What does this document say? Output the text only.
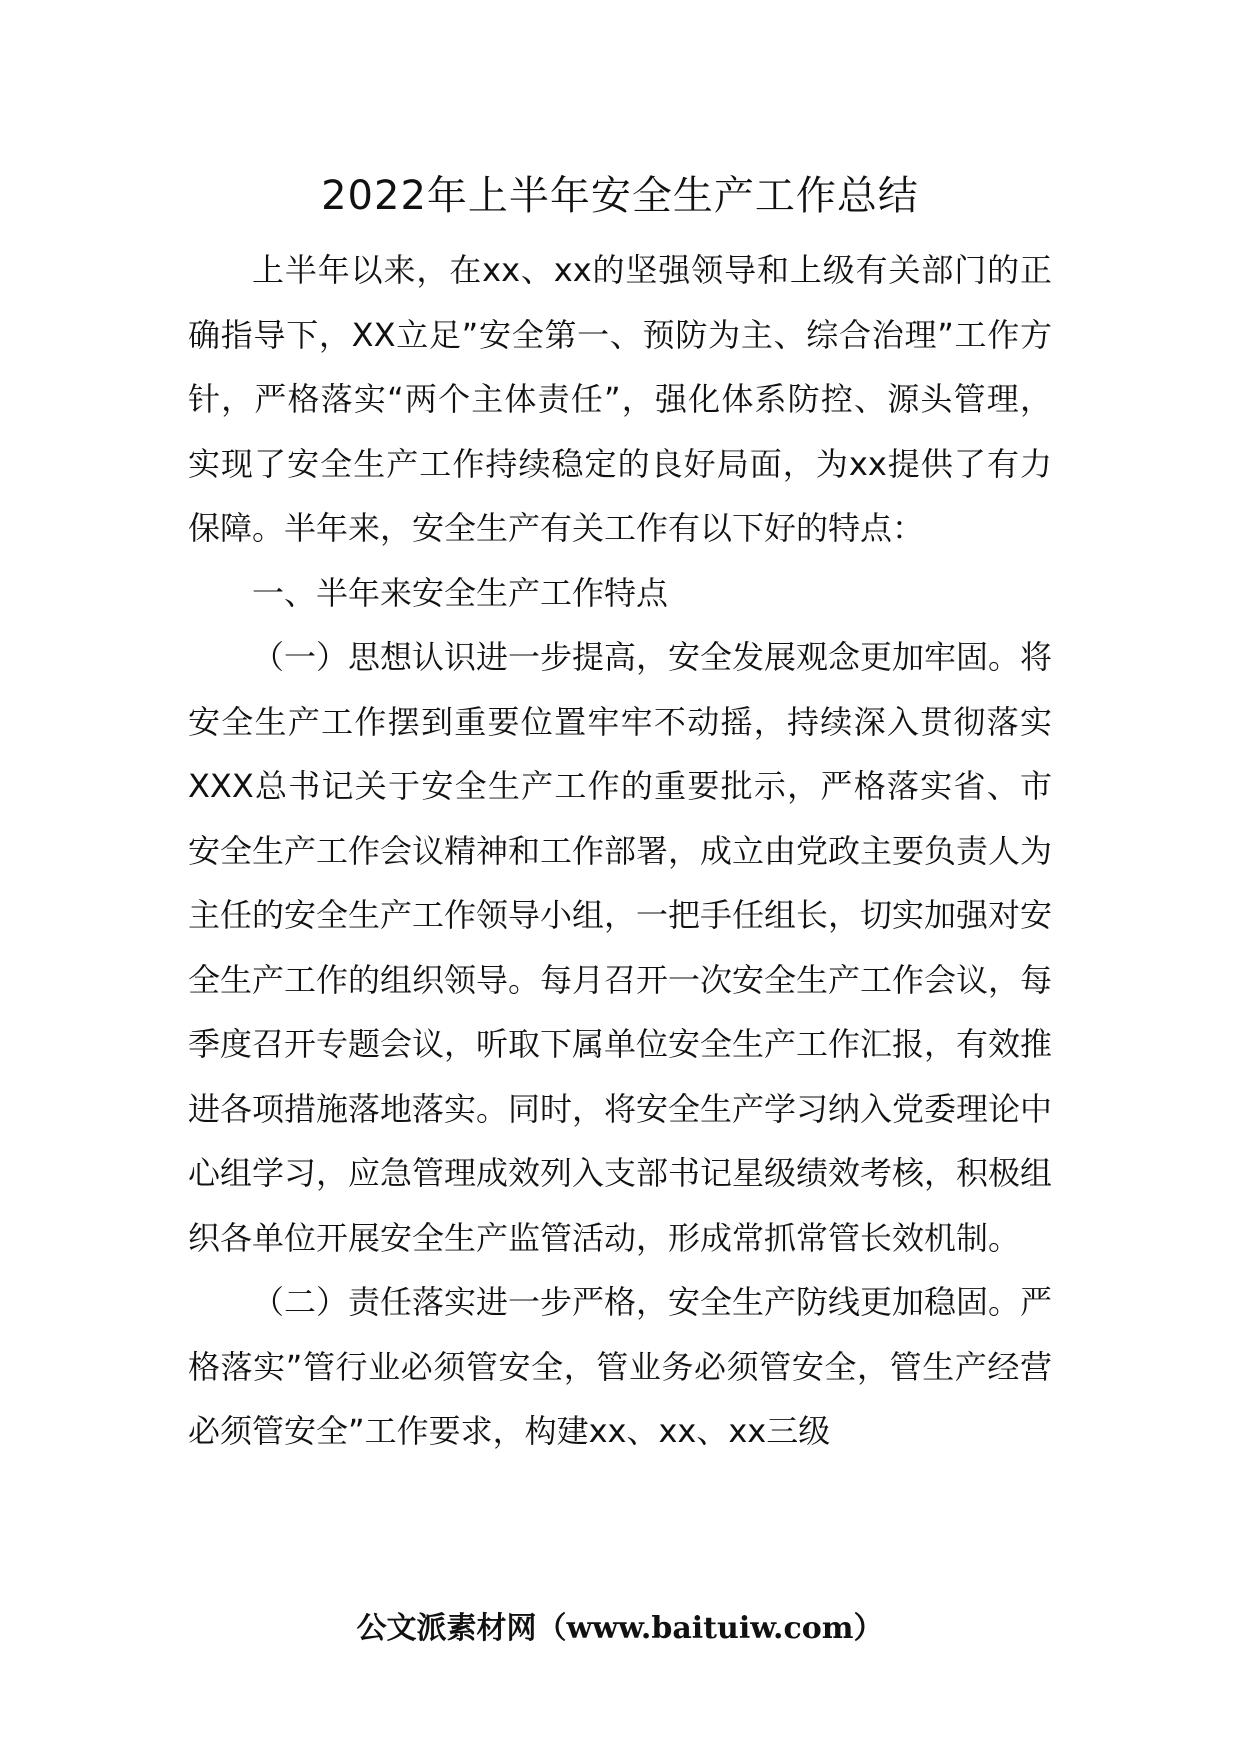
2022年上半年安全生产工作总结

上半年以来，在xx、xx的坚强领导和上级有关部门的正确指导下，XX立足”安全第一、预防为主、综合治理”工作方针，严格落实“两个主体责任”，强化体系防控、源头管理，实现了安全生产工作持续稳定的良好局面，为xx提供了有力保障。半年来，安全生产有关工作有以下好的特点：

一、半年来安全生产工作特点

（一）思想认识进一步提高，安全发展观念更加牢固。将安全生产工作摆到重要位置牢牢不动摇，持续深入贯彻落实XXX总书记关于安全生产工作的重要批示，严格落实省、市安全生产工作会议精神和工作部署，成立由党政主要负责人为主任的安全生产工作领导小组，一把手任组长，切实加强对安全生产工作的组织领导。每月召开一次安全生产工作会议，每季度召开专题会议，听取下属单位安全生产工作汇报，有效推进各项措施落地落实。同时，将安全生产学习纳入党委理论中心组学习，应急管理成效列入支部书记星级绩效考核，积极组织各单位开展安全生产监管活动，形成常抓常管长效机制。

（二）责任落实进一步严格，安全生产防线更加稳固。严格落实”管行业必须管安全，管业务必须管安全，管生产经营必须管安全”工作要求，构建xx、xx、xx三级

公文派素材网（www.baituiw.com）
